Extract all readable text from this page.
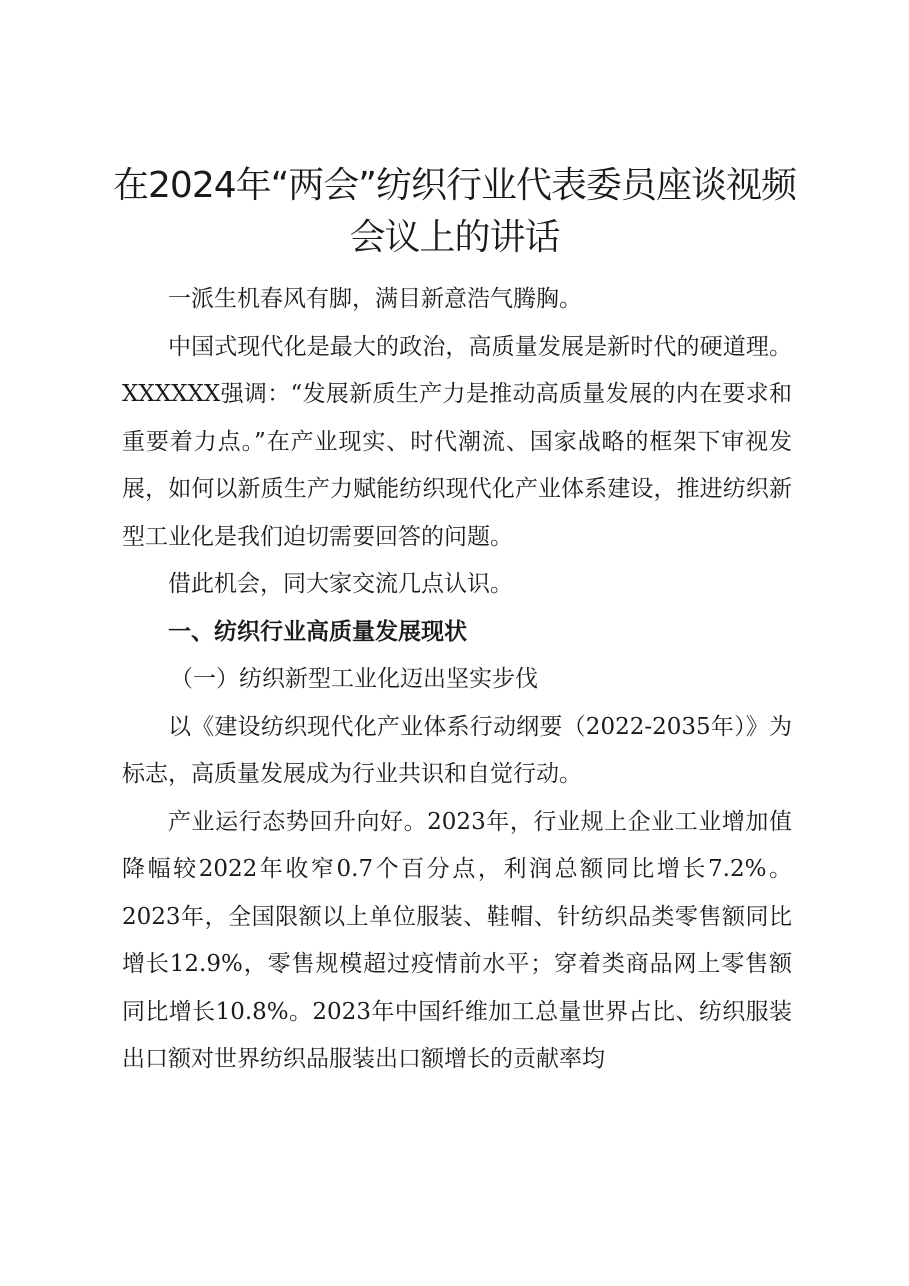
在2024年“两会”纺织行业代表委员座谈视频会议上的讲话

一派生机春风有脚，满目新意浩气腾胸。

中国式现代化是最大的政治，高质量发展是新时代的硬道理。XXXXXX强调：“发展新质生产力是推动高质量发展的内在要求和重要着力点。”在产业现实、时代潮流、国家战略的框架下审视发展，如何以新质生产力赋能纺织现代化产业体系建设，推进纺织新型工业化是我们迫切需要回答的问题。

借此机会，同大家交流几点认识。

一、纺织行业高质量发展现状

（一）纺织新型工业化迈出坚实步伐

以《建设纺织现代化产业体系行动纲要（2022-2035年）》为标志，高质量发展成为行业共识和自觉行动。

产业运行态势回升向好。2023年，行业规上企业工业增加值降幅较2022年收窄0.7个百分点，利润总额同比增长7.2%。2023年，全国限额以上单位服装、鞋帽、针纺织品类零售额同比增长12.9%，零售规模超过疫情前水平；穿着类商品网上零售额同比增长10.8%。2023年中国纤维加工总量世界占比、纺织服装出口额对世界纺织品服装出口额增长的贡献率均
